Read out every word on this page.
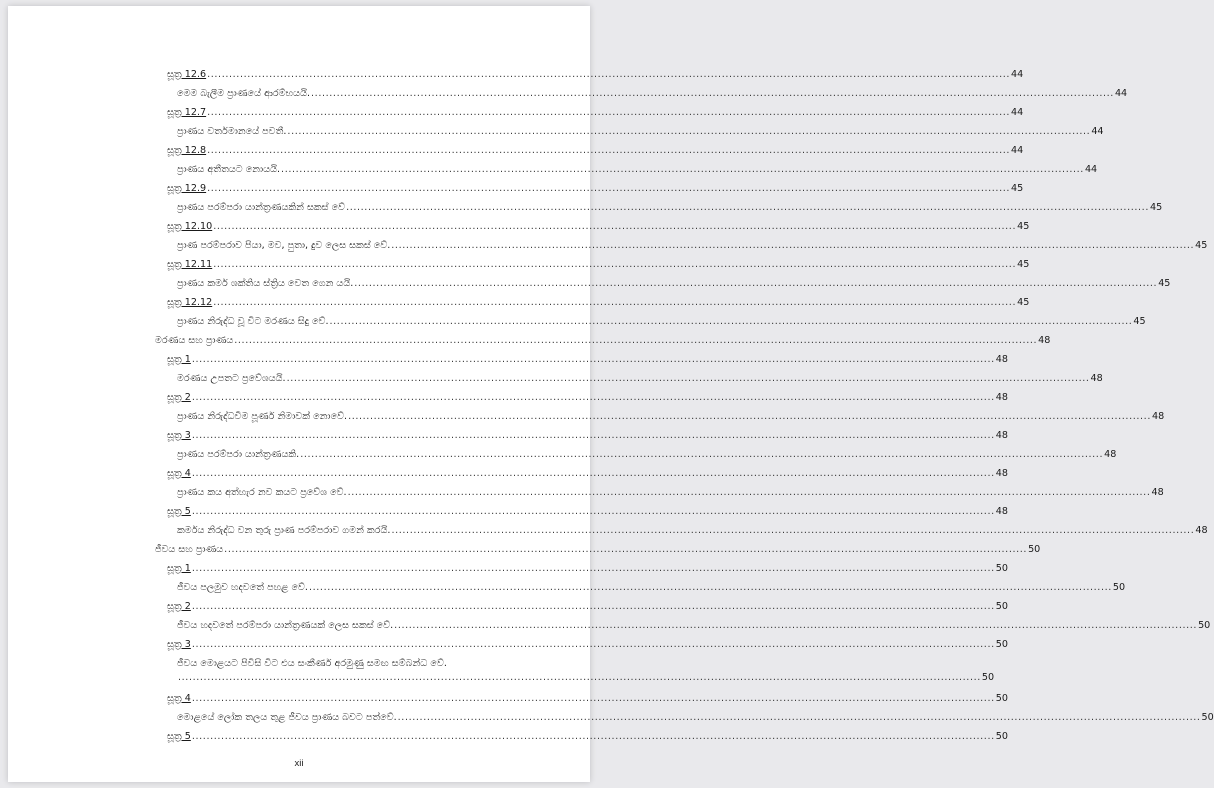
සූත්‍ර 12.6 ............................................................................................................................................................................................................................ 44
මෙම බැලීම ප්‍රාණයේ ආරම්භයයි. ............................................................................................................................................................................................................................ 44
සූත්‍ර 12.7 ............................................................................................................................................................................................................................ 44
ප්‍රාණය වර්තමානයේ පවතී. ............................................................................................................................................................................................................................ 44
සූත්‍ර 12.8 ............................................................................................................................................................................................................................ 44
ප්‍රාණය අතීතයට නොයයි. ............................................................................................................................................................................................................................ 44
සූත්‍ර 12.9 ............................................................................................................................................................................................................................ 45
ප්‍රාණය පරම්පරා යාන්ත්‍රණයකින් සකස් වේ ............................................................................................................................................................................................................................ 45
සූත්‍ර 12.10 ............................................................................................................................................................................................................................ 45
ප්‍රාණ පරම්පරාව පියා, මව, පුතා, දුව ලෙස සකස් වේ. ............................................................................................................................................................................................................................ 45
සූත්‍ර 12.11 ............................................................................................................................................................................................................................ 45
ප්‍රාණය කර්ම ශක්තිය ස්ත්‍රිය වෙත ගෙන යයි. ............................................................................................................................................................................................................................ 45
සූත්‍ර 12.12 ............................................................................................................................................................................................................................ 45
ප්‍රාණය නිරුද්ධ වූ විට මරණය සිදු වේ. ............................................................................................................................................................................................................................ 45
මරණය සහ ප්‍රාණය ............................................................................................................................................................................................................................ 48
සූත්‍ර 1 ............................................................................................................................................................................................................................ 48
මරණය උපතට ප්‍රවේශයයි. ............................................................................................................................................................................................................................ 48
සූත්‍ර 2 ............................................................................................................................................................................................................................ 48
ප්‍රාණය නිරුද්ධවීම පූර්ණ නිමාවක් නොවේ. ............................................................................................................................................................................................................................ 48
සූත්‍ර 3 ............................................................................................................................................................................................................................ 48
ප්‍රාණය පරම්පරා යාන්ත්‍රණයකි. ............................................................................................................................................................................................................................ 48
සූත්‍ර 4 ............................................................................................................................................................................................................................ 48
ප්‍රාණය කය අත්හැර නව කයට ප්‍රවේශ වේ. ............................................................................................................................................................................................................................ 48
සූත්‍ර 5 ............................................................................................................................................................................................................................ 48
කර්මය නිරුද්ධ වන තුරු ප්‍රාණ පරම්පරාව ගමන් කරයි. ............................................................................................................................................................................................................................ 48
ජීවය සහ ප්‍රාණය ............................................................................................................................................................................................................................ 50
සූත්‍ර 1 ............................................................................................................................................................................................................................ 50
ජීවය පලමුව හදවතේ පහළ වේ. ............................................................................................................................................................................................................................ 50
සූත්‍ර 2 ............................................................................................................................................................................................................................ 50
ජීවය හදවතේ පරම්පරා යාන්ත්‍රණයක් ලෙස සකස් වේ. ............................................................................................................................................................................................................................ 50
සූත්‍ර 3 ............................................................................................................................................................................................................................ 50
ජීවය මොළයට පිවිසි විට එය සංකීර්ණ අරමුණු සමඟ සම්බන්ධ වේ.
............................................................................................................................................................................................................................ 50
සූත්‍ර 4 ............................................................................................................................................................................................................................ 50
මොළයේ ලෝක තලය තුළ ජීවය ප්‍රාණය බවට පත්වේ. ............................................................................................................................................................................................................................ 50
සූත්‍ර 5 ............................................................................................................................................................................................................................ 50
xii
